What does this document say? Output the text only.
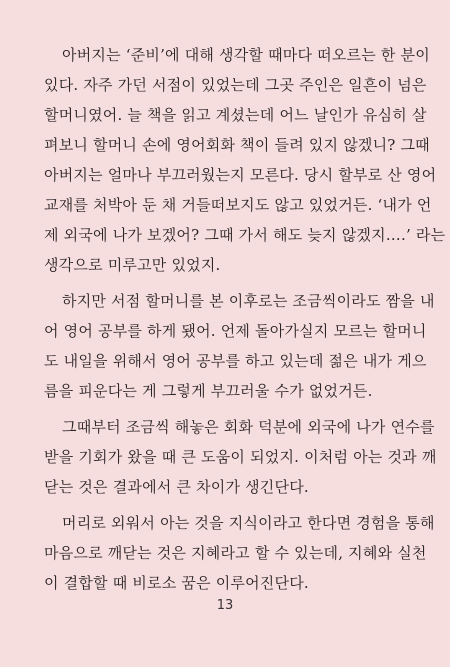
아버지는 ‘준비’에 대해 생각할 때마다 떠오르는 한 분이
있다. 자주 가던 서점이 있었는데 그곳 주인은 일흔이 넘은
할머니였어. 늘 책을 읽고 계셨는데 어느 날인가 유심히 살
펴보니 할머니 손에 영어회화 책이 들려 있지 않겠니? 그때
아버지는 얼마나 부끄러웠는지 모른다. 당시 할부로 산 영어
교재를 처박아 둔 채 거들떠보지도 않고 있었거든. ‘내가 언
제 외국에 나가 보겠어? 그때 가서 해도 늦지 않겠지….’ 라는
생각으로 미루고만 있었지.

하지만 서점 할머니를 본 이후로는 조금씩이라도 짬을 내
어 영어 공부를 하게 됐어. 언제 돌아가실지 모르는 할머니
도 내일을 위해서 영어 공부를 하고 있는데 젊은 내가 게으
름을 피운다는 게 그렇게 부끄러울 수가 없었거든.

그때부터 조금씩 해놓은 회화 덕분에 외국에 나가 연수를
받을 기회가 왔을 때 큰 도움이 되었지. 이처럼 아는 것과 깨
닫는 것은 결과에서 큰 차이가 생긴단다.

머리로 외워서 아는 것을 지식이라고 한다면 경험을 통해
마음으로 깨닫는 것은 지혜라고 할 수 있는데, 지혜와 실천
이 결합할 때 비로소 꿈은 이루어진단다.

13
